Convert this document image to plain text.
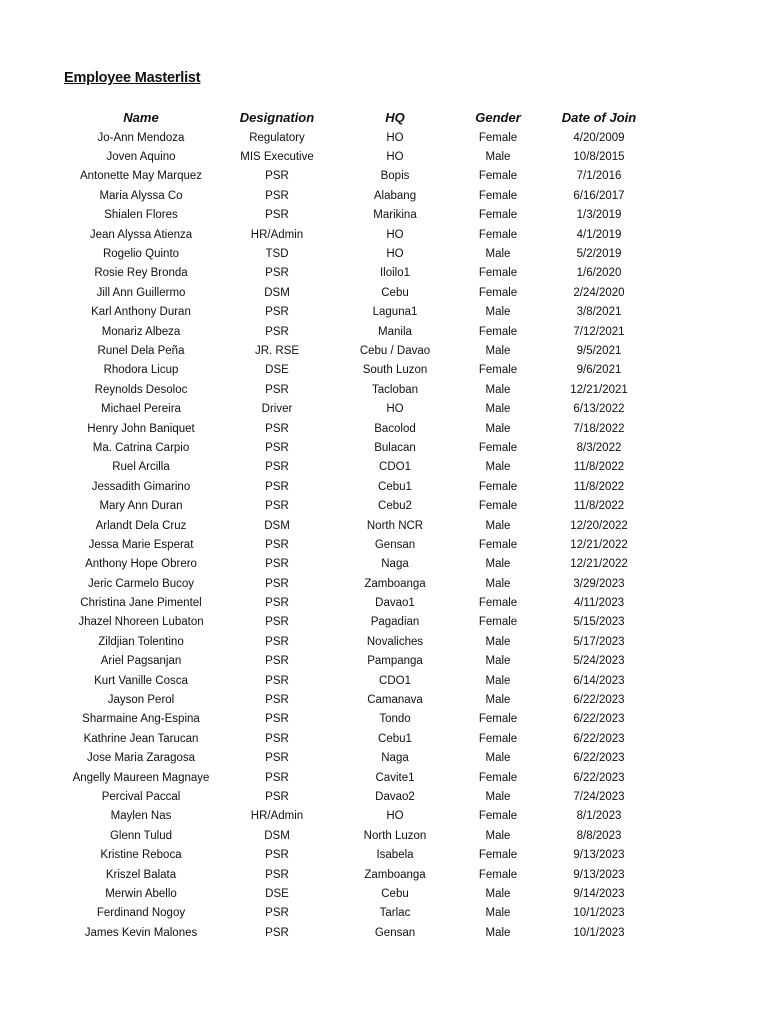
Employee Masterlist
Name	Designation	HQ	Gender	Date of Join
Jo-Ann Mendoza	Regulatory	HO	Female	4/20/2009
Joven Aquino	MIS Executive	HO	Male	10/8/2015
Antonette May Marquez	PSR	Bopis	Female	7/1/2016
Maria Alyssa Co	PSR	Alabang	Female	6/16/2017
Shialen Flores	PSR	Marikina	Female	1/3/2019
Jean Alyssa Atienza	HR/Admin	HO	Female	4/1/2019
Rogelio Quinto	TSD	HO	Male	5/2/2019
Rosie Rey Bronda	PSR	Iloilo1	Female	1/6/2020
Jill Ann Guillermo	DSM	Cebu	Female	2/24/2020
Karl Anthony Duran	PSR	Laguna1	Male	3/8/2021
Monariz Albeza	PSR	Manila	Female	7/12/2021
Runel Dela Peña	JR. RSE	Cebu / Davao	Male	9/5/2021
Rhodora Licup	DSE	South Luzon	Female	9/6/2021
Reynolds Desoloc	PSR	Tacloban	Male	12/21/2021
Michael Pereira	Driver	HO	Male	6/13/2022
Henry John Baniquet	PSR	Bacolod	Male	7/18/2022
Ma. Catrina Carpio	PSR	Bulacan	Female	8/3/2022
Ruel Arcilla	PSR	CDO1	Male	11/8/2022
Jessadith Gimarino	PSR	Cebu1	Female	11/8/2022
Mary Ann Duran	PSR	Cebu2	Female	11/8/2022
Arlandt Dela Cruz	DSM	North NCR	Male	12/20/2022
Jessa Marie Esperat	PSR	Gensan	Female	12/21/2022
Anthony Hope Obrero	PSR	Naga	Male	12/21/2022
Jeric Carmelo Bucoy	PSR	Zamboanga	Male	3/29/2023
Christina Jane Pimentel	PSR	Davao1	Female	4/11/2023
Jhazel Nhoreen Lubaton	PSR	Pagadian	Female	5/15/2023
Zildjian Tolentino	PSR	Novaliches	Male	5/17/2023
Ariel Pagsanjan	PSR	Pampanga	Male	5/24/2023
Kurt Vanille Cosca	PSR	CDO1	Male	6/14/2023
Jayson Perol	PSR	Camanava	Male	6/22/2023
Sharmaine Ang-Espina	PSR	Tondo	Female	6/22/2023
Kathrine Jean Tarucan	PSR	Cebu1	Female	6/22/2023
Jose Maria Zaragosa	PSR	Naga	Male	6/22/2023
Angelly Maureen Magnaye	PSR	Cavite1	Female	6/22/2023
Percival Paccal	PSR	Davao2	Male	7/24/2023
Maylen Nas	HR/Admin	HO	Female	8/1/2023
Glenn Tulud	DSM	North Luzon	Male	8/8/2023
Kristine Reboca	PSR	Isabela	Female	9/13/2023
Kriszel Balata	PSR	Zamboanga	Female	9/13/2023
Merwin Abello	DSE	Cebu	Male	9/14/2023
Ferdinand Nogoy	PSR	Tarlac	Male	10/1/2023
James Kevin Malones	PSR	Gensan	Male	10/1/2023
